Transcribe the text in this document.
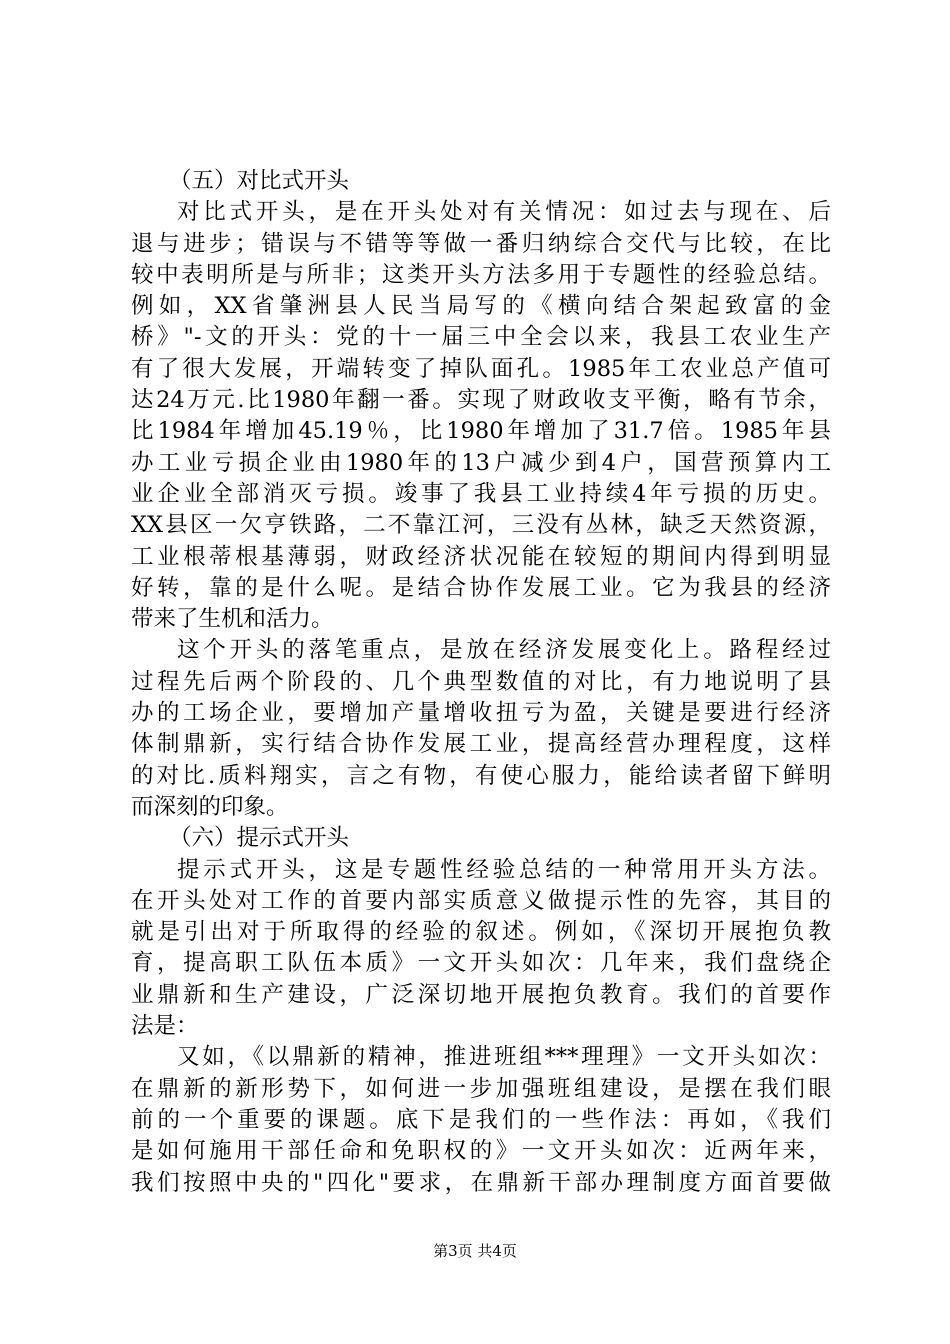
（五）对比式开头
对比式开头，是在开头处对有关情况：如过去与现在、后
退与进步；错误与不错等等做一番归纳综合交代与比较，在比
较中表明所是与所非；这类开头方法多用于专题性的经验总结。
例如，XX省肇洲县人民当局写的《横向结合架起致富的金
桥》"-文的开头：党的十一届三中全会以来，我县工农业生产
有了很大发展，开端转变了掉队面孔。1985年工农业总产值可
达24万元.比1980年翻一番。实现了财政收支平衡，略有节余，
比1984年增加45.19％，比1980年增加了31.7倍。1985年县
办工业亏损企业由1980年的13户减少到4户，国营预算内工
业企业全部消灭亏损。竣事了我县工业持续4年亏损的历史。
XX县区一欠亨铁路，二不靠江河，三没有丛林，缺乏天然资源，
工业根蒂根基薄弱，财政经济状况能在较短的期间内得到明显
好转，靠的是什么呢。是结合协作发展工业。它为我县的经济
带来了生机和活力。
这个开头的落笔重点，是放在经济发展变化上。路程经过
过程先后两个阶段的、几个典型数值的对比，有力地说明了县
办的工场企业，要增加产量增收扭亏为盈，关键是要进行经济
体制鼎新，实行结合协作发展工业，提高经营办理程度，这样
的对比.质料翔实，言之有物，有使心服力，能给读者留下鲜明
而深刻的印象。
（六）提示式开头
提示式开头，这是专题性经验总结的一种常用开头方法。
在开头处对工作的首要内部实质意义做提示性的先容，其目的
就是引出对于所取得的经验的叙述。例如，《深切开展抱负教
育，提高职工队伍本质》一文开头如次：几年来，我们盘绕企
业鼎新和生产建设，广泛深切地开展抱负教育。我们的首要作
法是：
又如，《以鼎新的精神，推进班组***理理》一文开头如次：
在鼎新的新形势下，如何进一步加强班组建设，是摆在我们眼
前的一个重要的课题。底下是我们的一些作法：再如，《我们
是如何施用干部任命和免职权的》一文开头如次：近两年来，
我们按照中央的"四化"要求，在鼎新干部办理制度方面首要做
第3页 共4页
